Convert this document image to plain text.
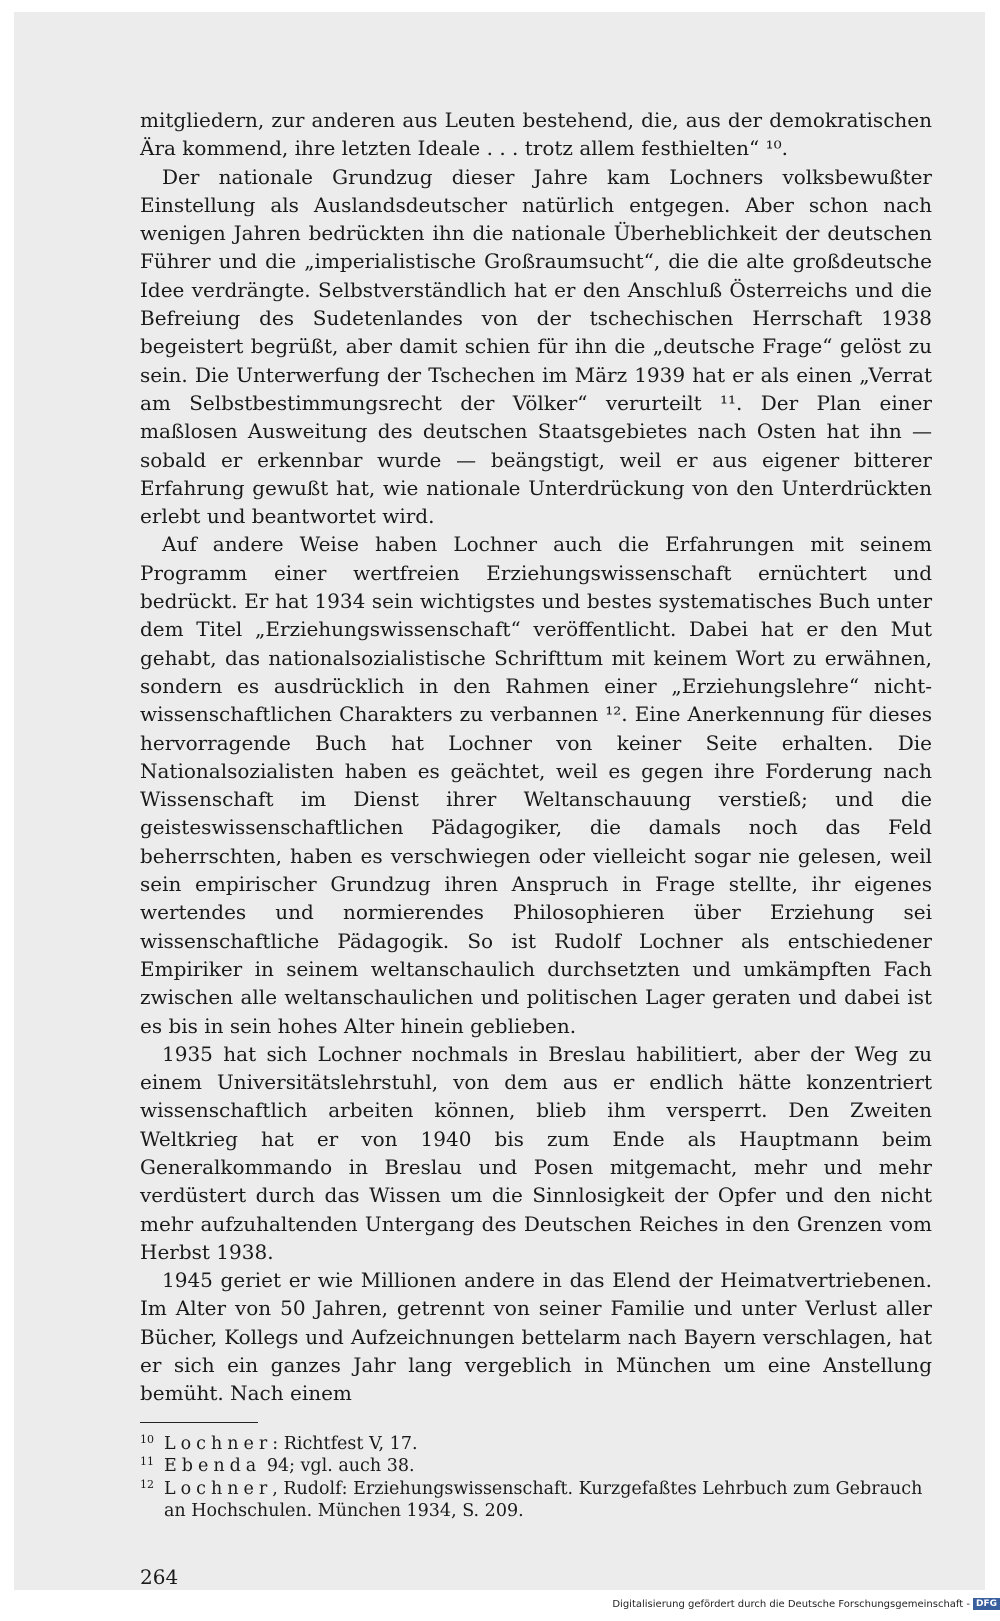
mitgliedern, zur anderen aus Leuten bestehend, die, aus der demokratischen Ära kommend, ihre letzten Ideale . . . trotz allem festhielten“ ¹⁰.

Der nationale Grundzug dieser Jahre kam Lochners volksbewußter Einstellung als Auslandsdeutscher natürlich entgegen. Aber schon nach wenigen Jahren bedrückten ihn die nationale Überheblichkeit der deutschen Führer und die „imperialistische Großraumsucht“, die die alte großdeutsche Idee verdrängte. Selbstverständlich hat er den Anschluß Österreichs und die Befreiung des Sudetenlandes von der tschechischen Herrschaft 1938 begeistert begrüßt, aber damit schien für ihn die „deutsche Frage“ gelöst zu sein. Die Unterwerfung der Tschechen im März 1939 hat er als einen „Verrat am Selbstbestimmungsrecht der Völker“ verurteilt ¹¹. Der Plan einer maßlosen Ausweitung des deutschen Staatsgebietes nach Osten hat ihn — sobald er erkennbar wurde — beängstigt, weil er aus eigener bitterer Erfahrung gewußt hat, wie nationale Unterdrückung von den Unterdrückten erlebt und beantwortet wird.

Auf andere Weise haben Lochner auch die Erfahrungen mit seinem Programm einer wertfreien Erziehungswissenschaft ernüchtert und bedrückt. Er hat 1934 sein wichtigstes und bestes systematisches Buch unter dem Titel „Erziehungswissenschaft“ veröffentlicht. Dabei hat er den Mut gehabt, das nationalsozialistische Schrifttum mit keinem Wort zu erwähnen, sondern es ausdrücklich in den Rahmen einer „Erziehungslehre“ nicht-wissenschaftlichen Charakters zu verbannen ¹². Eine Anerkennung für dieses hervorragende Buch hat Lochner von keiner Seite erhalten. Die Nationalsozialisten haben es geächtet, weil es gegen ihre Forderung nach Wissenschaft im Dienst ihrer Weltanschauung verstieß; und die geisteswissenschaftlichen Pädagogiker, die damals noch das Feld beherrschten, haben es verschwiegen oder vielleicht sogar nie gelesen, weil sein empirischer Grundzug ihren Anspruch in Frage stellte, ihr eigenes wertendes und normierendes Philosophieren über Erziehung sei wissenschaftliche Pädagogik. So ist Rudolf Lochner als entschiedener Empiriker in seinem weltanschaulich durchsetzten und umkämpften Fach zwischen alle weltanschaulichen und politischen Lager geraten und dabei ist es bis in sein hohes Alter hinein geblieben.

1935 hat sich Lochner nochmals in Breslau habilitiert, aber der Weg zu einem Universitätslehrstuhl, von dem aus er endlich hätte konzentriert wissenschaftlich arbeiten können, blieb ihm versperrt. Den Zweiten Weltkrieg hat er von 1940 bis zum Ende als Hauptmann beim Generalkommando in Breslau und Posen mitgemacht, mehr und mehr verdüstert durch das Wissen um die Sinnlosigkeit der Opfer und den nicht mehr aufzuhaltenden Untergang des Deutschen Reiches in den Grenzen vom Herbst 1938.

1945 geriet er wie Millionen andere in das Elend der Heimatvertriebenen. Im Alter von 50 Jahren, getrennt von seiner Familie und unter Verlust aller Bücher, Kollegs und Aufzeichnungen bettelarm nach Bayern verschlagen, hat er sich ein ganzes Jahr lang vergeblich in München um eine Anstellung bemüht. Nach einem

10 Lochner: Richtfest V, 17.

11 Ebenda 94; vgl. auch 38.

12 Lochner, Rudolf: Erziehungswissenschaft. Kurzgefaßtes Lehrbuch zum Gebrauch an Hochschulen. München 1934, S. 209.

264
Digitalisierung gefördert durch die Deutsche Forschungsgemeinschaft - DFG
